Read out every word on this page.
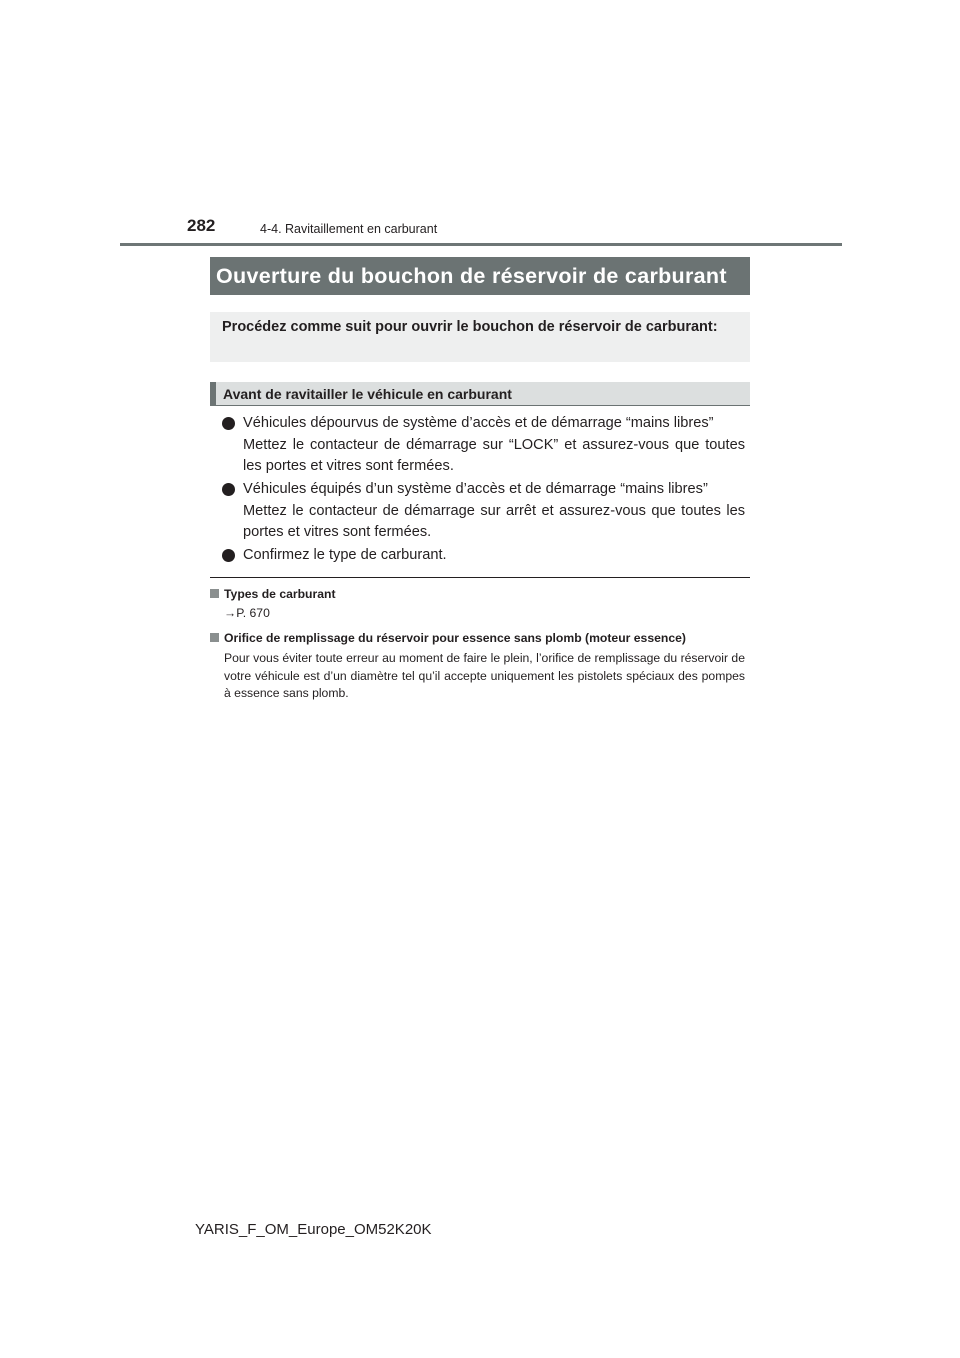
282	4-4. Ravitaillement en carburant
Ouverture du bouchon de réservoir de carburant
Procédez comme suit pour ouvrir le bouchon de réservoir de carburant:
Avant de ravitailler le véhicule en carburant
Véhicules dépourvus de système d’accès et de démarrage “mains libres”
Mettez le contacteur de démarrage sur “LOCK” et assurez-vous que toutes les portes et vitres sont fermées.
Véhicules équipés d’un système d’accès et de démarrage “mains libres”
Mettez le contacteur de démarrage sur arrêt et assurez-vous que toutes les portes et vitres sont fermées.
Confirmez le type de carburant.
Types de carburant
→P. 670
Orifice de remplissage du réservoir pour essence sans plomb (moteur essence)
Pour vous éviter toute erreur au moment de faire le plein, l’orifice de remplissage du réservoir de votre véhicule est d’un diamètre tel qu’il accepte uniquement les pistolets spéciaux des pompes à essence sans plomb.
YARIS_F_OM_Europe_OM52K20K
